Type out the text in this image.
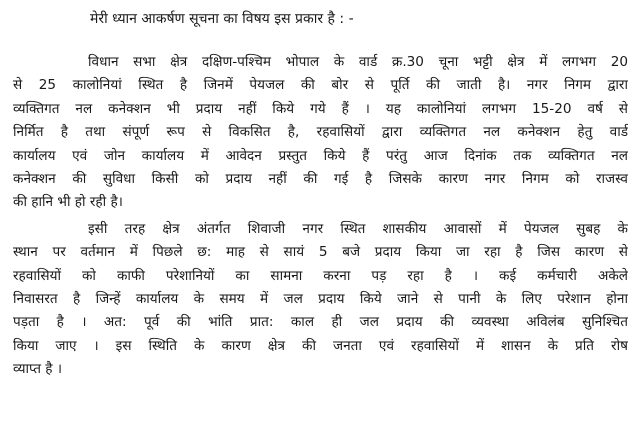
मेरी ध्यान आकर्षण सूचना का विषय इस प्रकार है : -

विधान सभा क्षेत्र दक्षिण-पश्चिम भोपाल के वार्ड क्र.30 चूना भट्टी क्षेत्र में लगभग 20
से 25 कालोनियां स्थित है जिनमें पेयजल की बोर से पूर्ति की जाती है। नगर निगम द्वारा
व्यक्तिगत नल कनेक्शन भी प्रदाय नहीं किये गये हैं । यह कालोनियां लगभग 15-20 वर्ष से
निर्मित है तथा संपूर्ण रूप से विकसित है, रहवासियों द्वारा व्यक्तिगत नल कनेक्शन हेतु वार्ड
कार्यालय एवं जोन कार्यालय में आवेदन प्रस्तुत किये हैं परंतु आज दिनांक तक व्यक्तिगत नल
कनेक्शन की सुविधा किसी को प्रदाय नहीं की गई है जिसके कारण नगर निगम को राजस्व
की हानि भी हो रही है।
इसी तरह क्षेत्र अंतर्गत शिवाजी नगर स्थित शासकीय आवासों में पेयजल सुबह के
स्थान पर वर्तमान में पिछले छ: माह से सायं 5 बजे प्रदाय किया जा रहा है जिस कारण से
रहवासियों को काफी परेशानियों का सामना करना पड़ रहा है । कई कर्मचारी अकेले
निवासरत है जिन्हें कार्यालय के समय में जल प्रदाय किये जाने से पानी के लिए परेशान होना
पड़ता है । अत: पूर्व की भांति प्रात: काल ही जल प्रदाय की व्यवस्था अविलंब सुनिश्चित
किया जाए । इस स्थिति के कारण क्षेत्र की जनता एवं रहवासियों में शासन के प्रति रोष
व्याप्त है ।
